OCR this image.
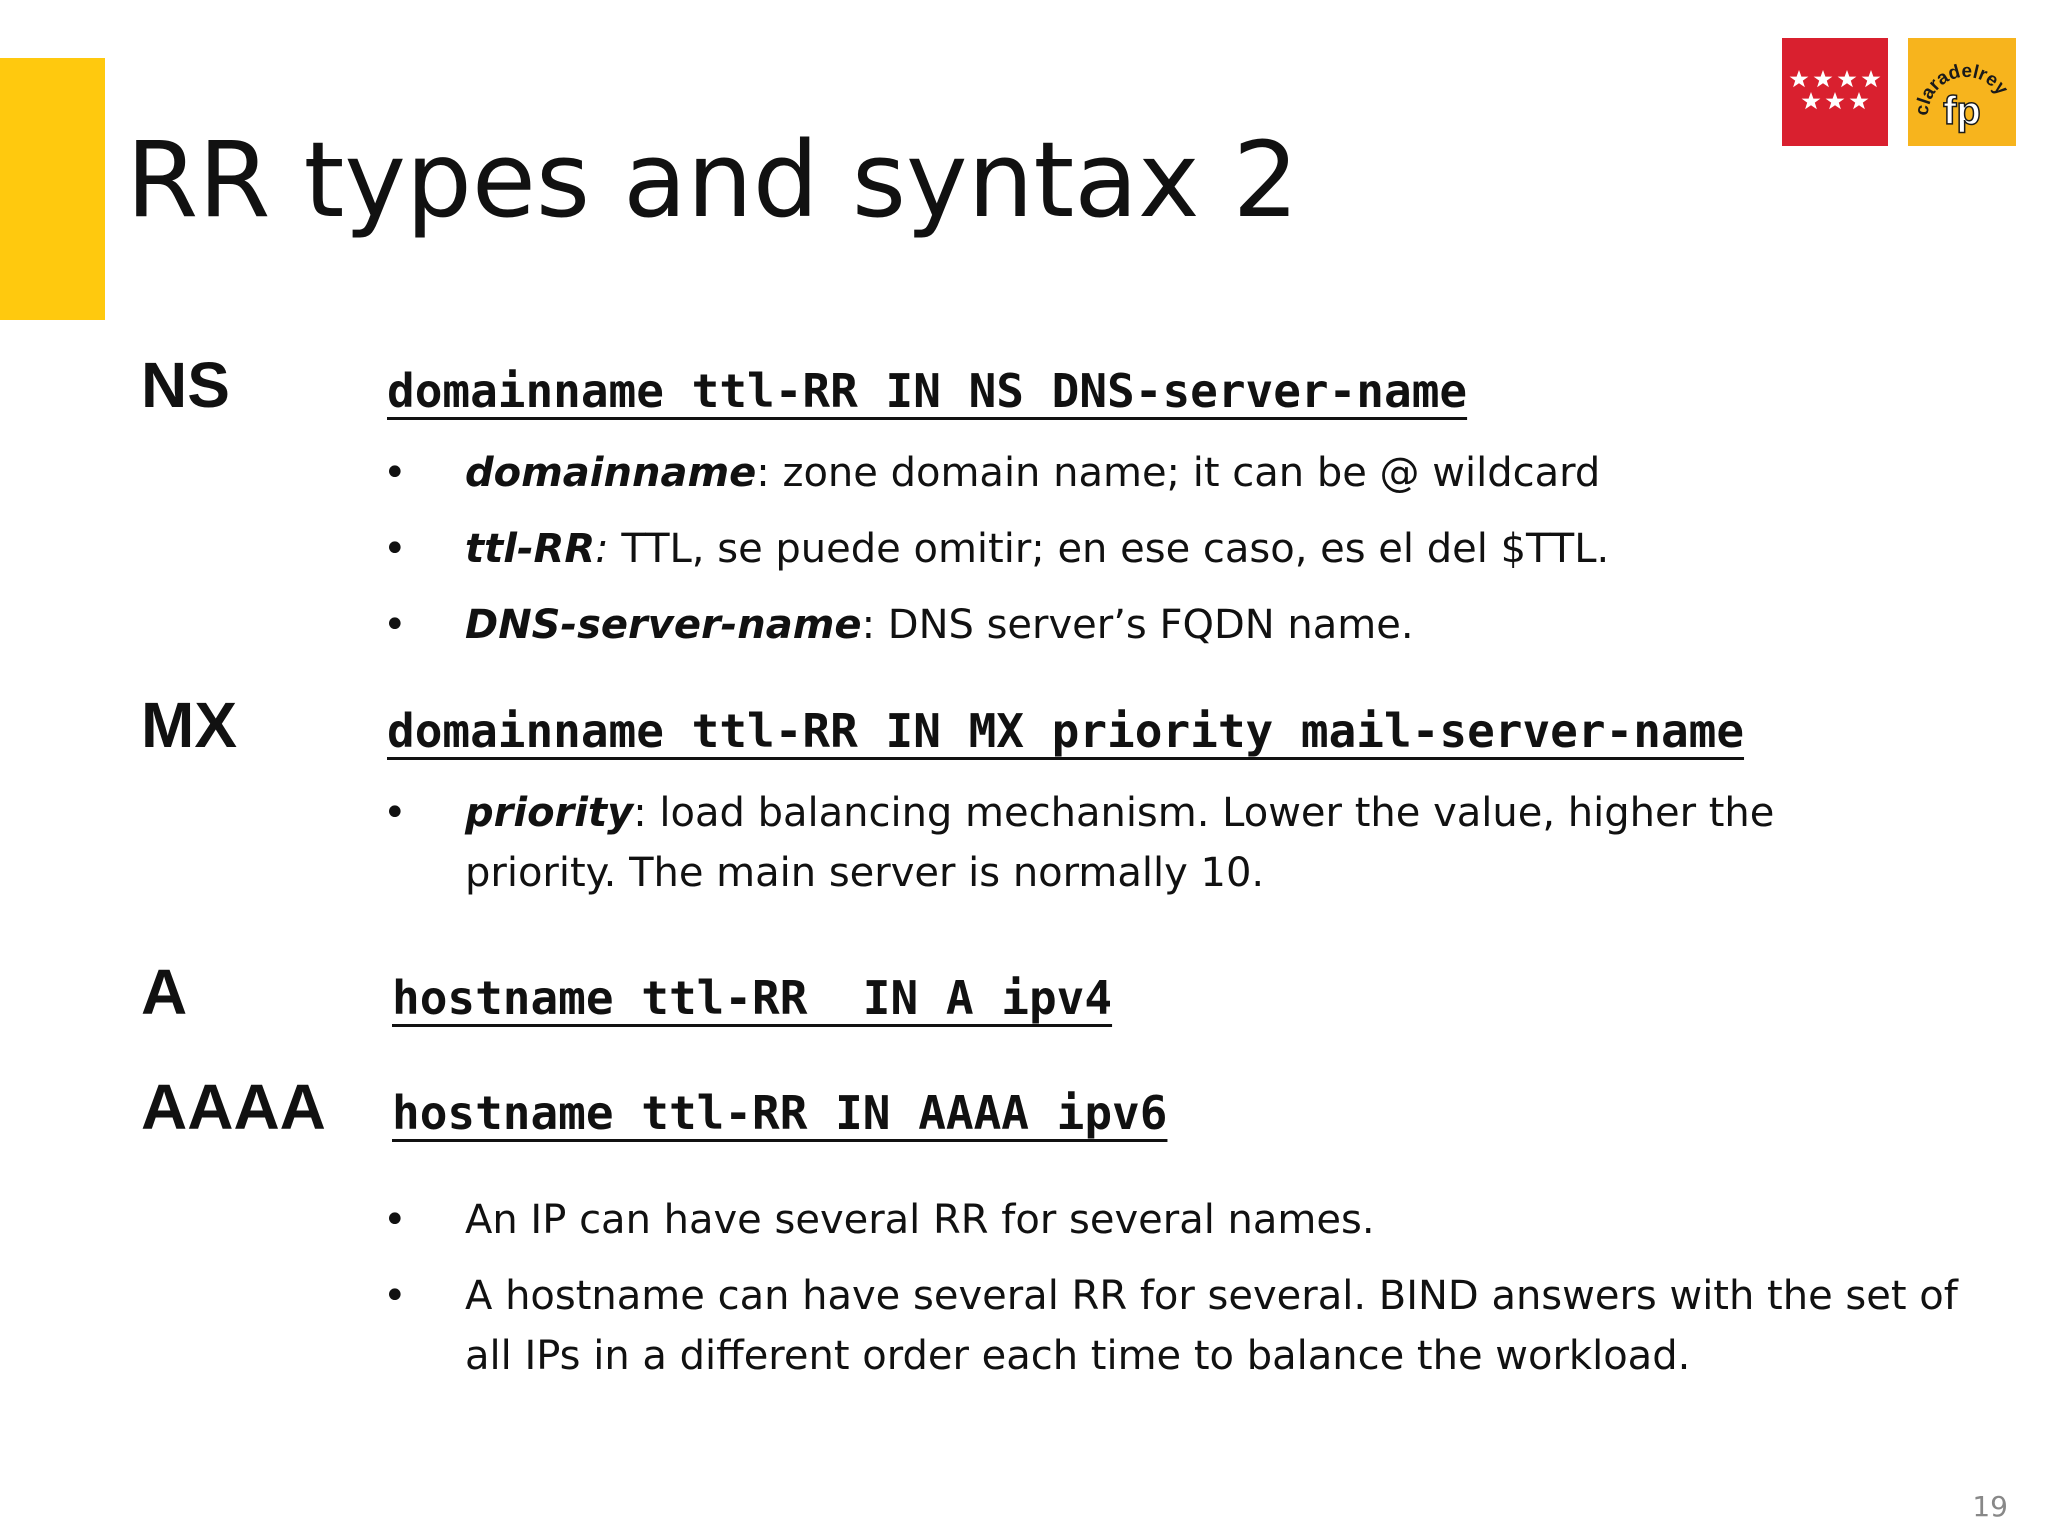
RR types and syntax 2
claradelrey
fp
NS	domainname ttl-RR IN NS DNS-server-name
• domainname: zone domain name; it can be @ wildcard
• ttl-RR: TTL, se puede omitir; en ese caso, es el del $TTL.
• DNS-server-name: DNS server’s FQDN name.
MX	domainname ttl-RR IN MX priority mail-server-name
• priority: load balancing mechanism. Lower the value, higher the priority. The main server is normally 10.
A	hostname ttl-RR  IN A ipv4
AAAA hostname ttl-RR IN AAAA ipv6
• An IP can have several RR for several names.
• A hostname can have several RR for several. BIND answers with the set of all IPs in a different order each time to balance the workload.
19
